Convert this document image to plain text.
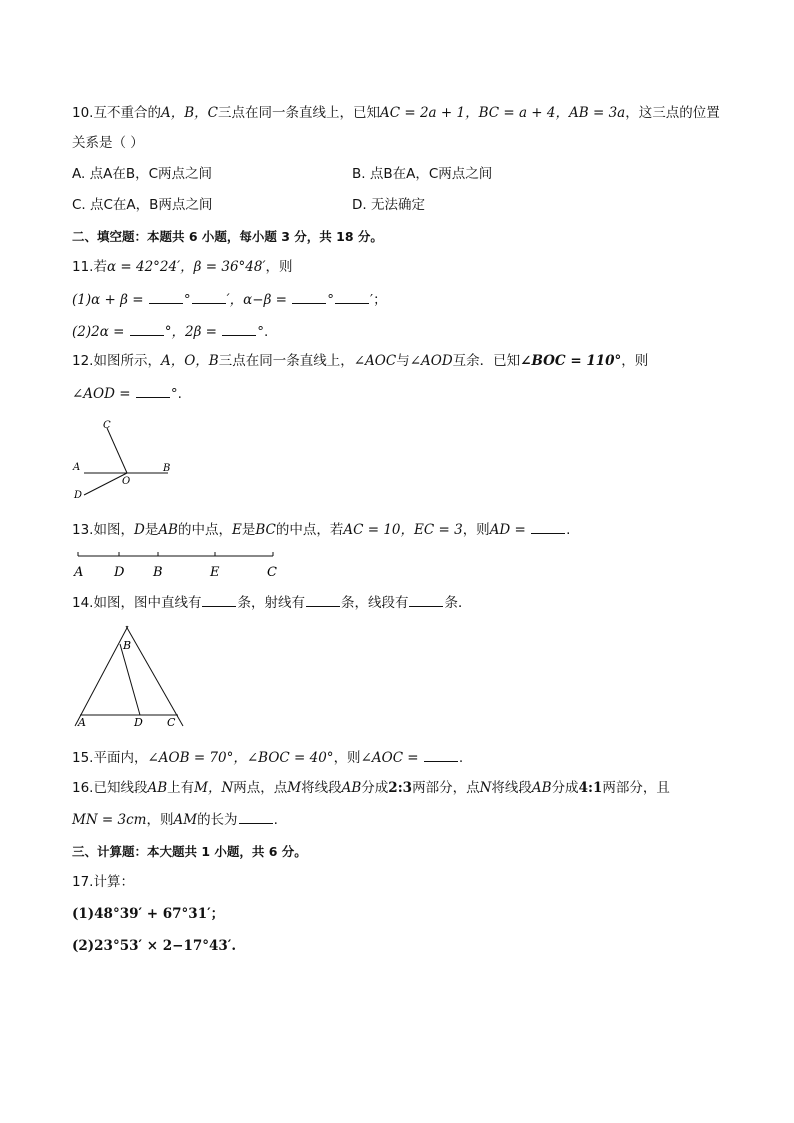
10.互不重合的A，B，C三点在同一条直线上，已知AC = 2a + 1，BC = a + 4，AB = 3a，这三点的位置
关系是（ ）
A. 点A在B，C两点之间	B. 点B在A，C两点之间
C. 点C在A，B两点之间	D. 无法确定
二、填空题：本题共 6 小题，每小题 3 分，共 18 分。
11.若α = 42°24′，β = 36°48′，则
(1)α + β =	°	′，α−β =	°	′；
(2)2α =	°，2β =	°.
12.如图所示，A，O，B三点在同一条直线上，∠AOC与∠AOD互余．已知∠BOC = 110°，则
∠AOD =	°.
C
A	B
O
D
13.如图，D是AB的中点，E是BC的中点，若AC = 10，EC = 3，则AD =	.
A D B	E	C
14.如图，图中直线有	条，射线有	条，线段有	条．
B
A	D C
15.平面内，∠AOB = 70°，∠BOC = 40°，则∠AOC =	.
16.已知线段AB上有M，N两点，点M将线段AB分成2:3两部分，点N将线段AB分成4:1两部分，且
MN = 3cm，则AM的长为	.
三、计算题：本大题共 1 小题，共 6 分。
17.计算：
(1)48°39′ + 67°31′；
(2)23°53′ × 2−17°43′.
